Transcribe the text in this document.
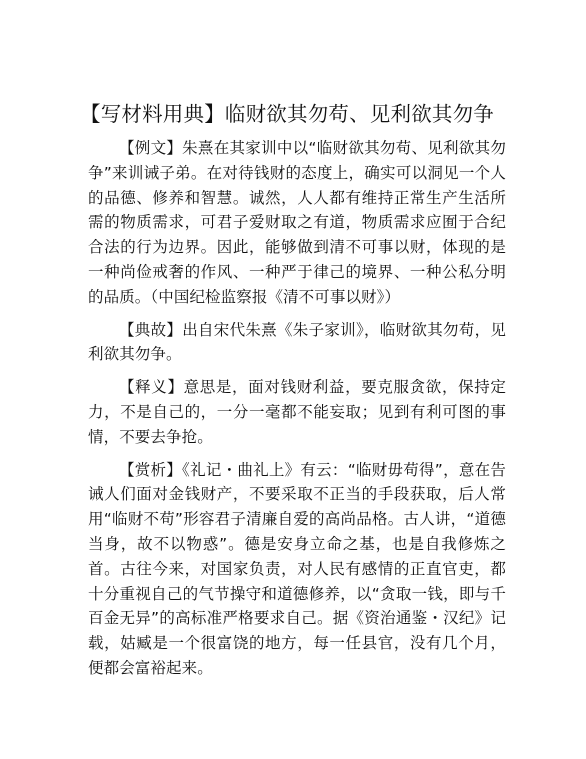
【写材料用典】临财欲其勿苟、见利欲其勿争

【例文】朱熹在其家训中以“临财欲其勿苟、见利欲其勿争”来训诫子弟。在对待钱财的态度上，确实可以洞见一个人的品德、修养和智慧。诚然，人人都有维持正常生产生活所需的物质需求，可君子爱财取之有道，物质需求应囿于合纪合法的行为边界。因此，能够做到清不可事以财，体现的是一种尚俭戒奢的作风、一种严于律己的境界、一种公私分明的品质。（中国纪检监察报《清不可事以财》）

【典故】出自宋代朱熹《朱子家训》，临财欲其勿苟，见利欲其勿争。

【释义】意思是，面对钱财利益，要克服贪欲，保持定力，不是自己的，一分一毫都不能妄取；见到有利可图的事情，不要去争抢。

【赏析】《礼记・曲礼上》有云：“临财毋苟得”，意在告诫人们面对金钱财产，不要采取不正当的手段获取，后人常用“临财不苟”形容君子清廉自爱的高尚品格。古人讲，“道德当身，故不以物惑”。德是安身立命之基，也是自我修炼之首。古往今来，对国家负责，对人民有感情的正直官吏，都十分重视自己的气节操守和道德修养，以“贪取一钱，即与千百金无异”的高标准严格要求自己。据《资治通鉴・汉纪》记载，姑臧是一个很富饶的地方，每一任县官，没有几个月，便都会富裕起来。
